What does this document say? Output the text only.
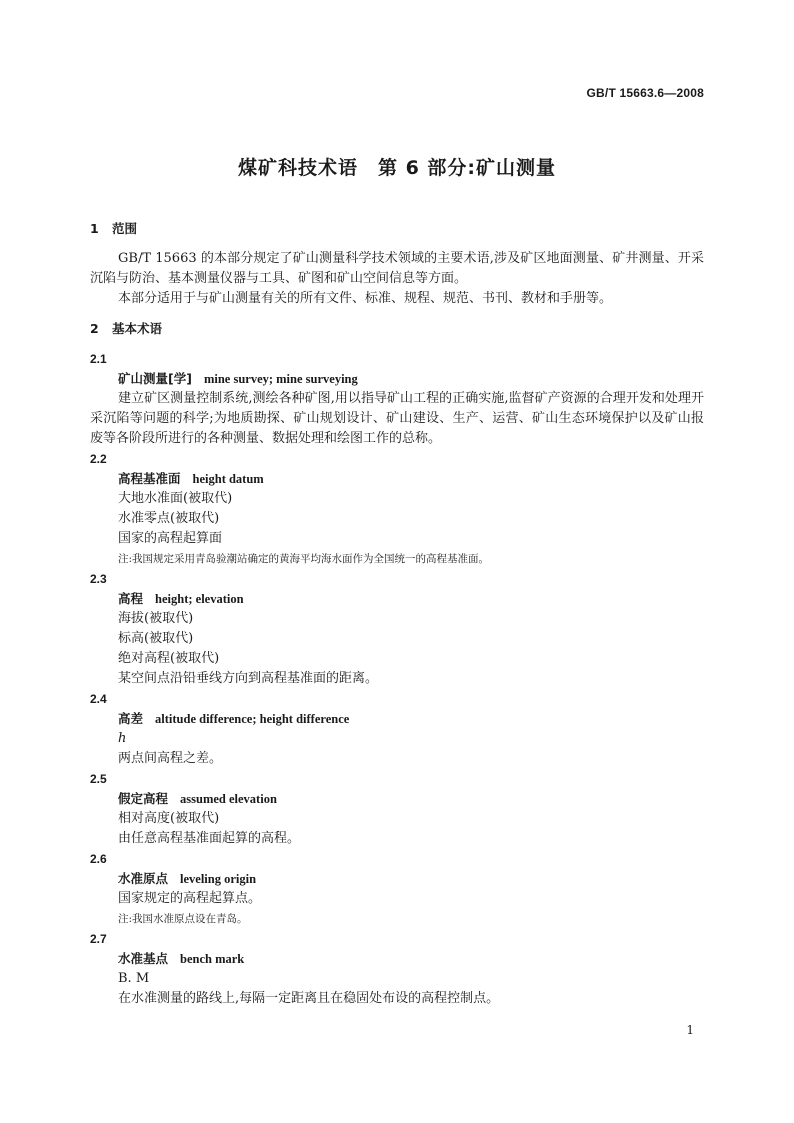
GB/T 15663.6—2008
煤矿科技术语 第 6 部分:矿山测量
1 范围

GB/T 15663 的本部分规定了矿山测量科学技术领域的主要术语,涉及矿区地面测量、矿井测量、开采沉陷与防治、基本测量仪器与工具、矿图和矿山空间信息等方面。

本部分适用于与矿山测量有关的所有文件、标准、规程、规范、书刊、教材和手册等。

2 基本术语
2.1
矿山测量[学] mine survey; mine surveying

建立矿区测量控制系统,测绘各种矿图,用以指导矿山工程的正确实施,监督矿产资源的合理开发和处理开采沉陷等问题的科学;为地质勘探、矿山规划设计、矿山建设、生产、运营、矿山生态环境保护以及矿山报废等各阶段所进行的各种测量、数据处理和绘图工作的总称。

2.2
高程基准面 height datum
大地水准面(被取代)
水准零点(被取代)
国家的高程起算面
注:我国规定采用青岛验潮站确定的黄海平均海水面作为全国统一的高程基准面。
2.3
高程 height; elevation
海拔(被取代)
标高(被取代)
绝对高程(被取代)
某空间点沿铅垂线方向到高程基准面的距离。
2.4
高差 altitude difference; height difference
h
两点间高程之差。
2.5
假定高程 assumed elevation
相对高度(被取代)
由任意高程基准面起算的高程。
2.6
水准原点 leveling origin
国家规定的高程起算点。
注:我国水准原点设在青岛。
2.7
水准基点 bench mark
B. M
在水准测量的路线上,每隔一定距离且在稳固处布设的高程控制点。
1
